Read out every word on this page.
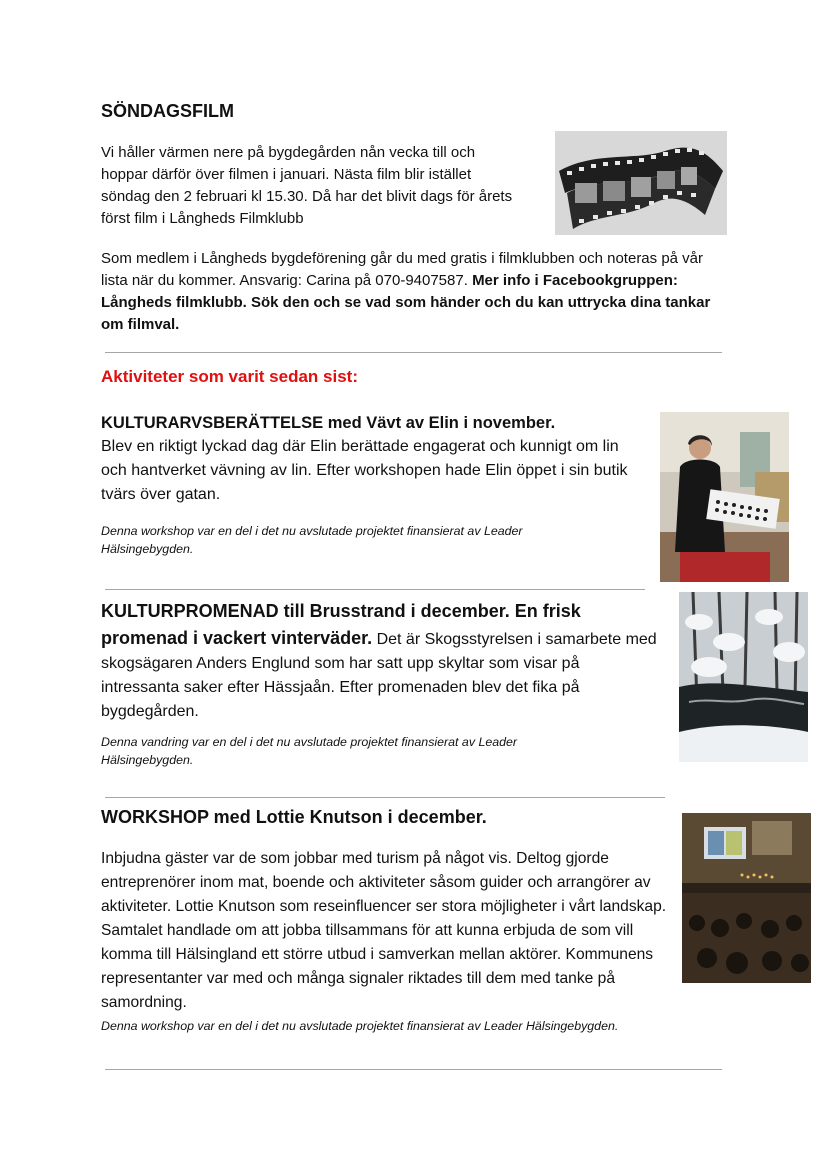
SÖNDAGSFILM
Vi håller värmen nere på bygdegården nån vecka till och hoppar därför över filmen i januari. Nästa film blir istället söndag den 2 februari kl 15.30. Då har det blivit dags för årets först film i Långheds Filmklubb
Som medlem i Långheds bygdeförening går du med gratis i filmklubben och noteras på vår lista när du kommer. Ansvarig: Carina på 070-9407587. Mer info i Facebookgruppen: Långheds filmklubb. Sök den och se vad som händer och du kan uttrycka dina tankar om filmval.
Aktiviteter som varit sedan sist:
KULTURARVSBERÄTTELSE med Vävt av Elin i november.
Blev en riktigt lyckad dag där Elin berättade engagerat och kunnigt om lin och hantverket vävning av lin. Efter workshopen hade Elin öppet i sin butik tvärs över gatan.
Denna workshop var en del i det nu avslutade projektet finansierat av Leader Hälsingebygden.
KULTURPROMENAD till Brusstrand i december. En frisk promenad i vackert vinterväder. Det är Skogsstyrelsen i samarbete med skogsägaren Anders Englund som har satt upp skyltar som visar på intressanta saker efter Hässjaån. Efter promenaden blev det fika på bygdegården.
Denna vandring var en del i det nu avslutade projektet finansierat av Leader Hälsingebygden.
WORKSHOP med Lottie Knutson i december.
Inbjudna gäster var de som jobbar med turism på något vis. Deltog gjorde entreprenörer inom mat, boende och aktiviteter såsom guider och arrangörer av aktiviteter. Lottie Knutson som reseinfluencer ser stora möjligheter i vårt landskap. Samtalet handlade om att jobba tillsammans för att kunna erbjuda de som vill komma till Hälsingland ett större utbud i samverkan mellan aktörer. Kommunens representanter var med och många signaler riktades till dem med tanke på samordning.
Denna workshop var en del i det nu avslutade projektet finansierat av Leader Hälsingebygden.
